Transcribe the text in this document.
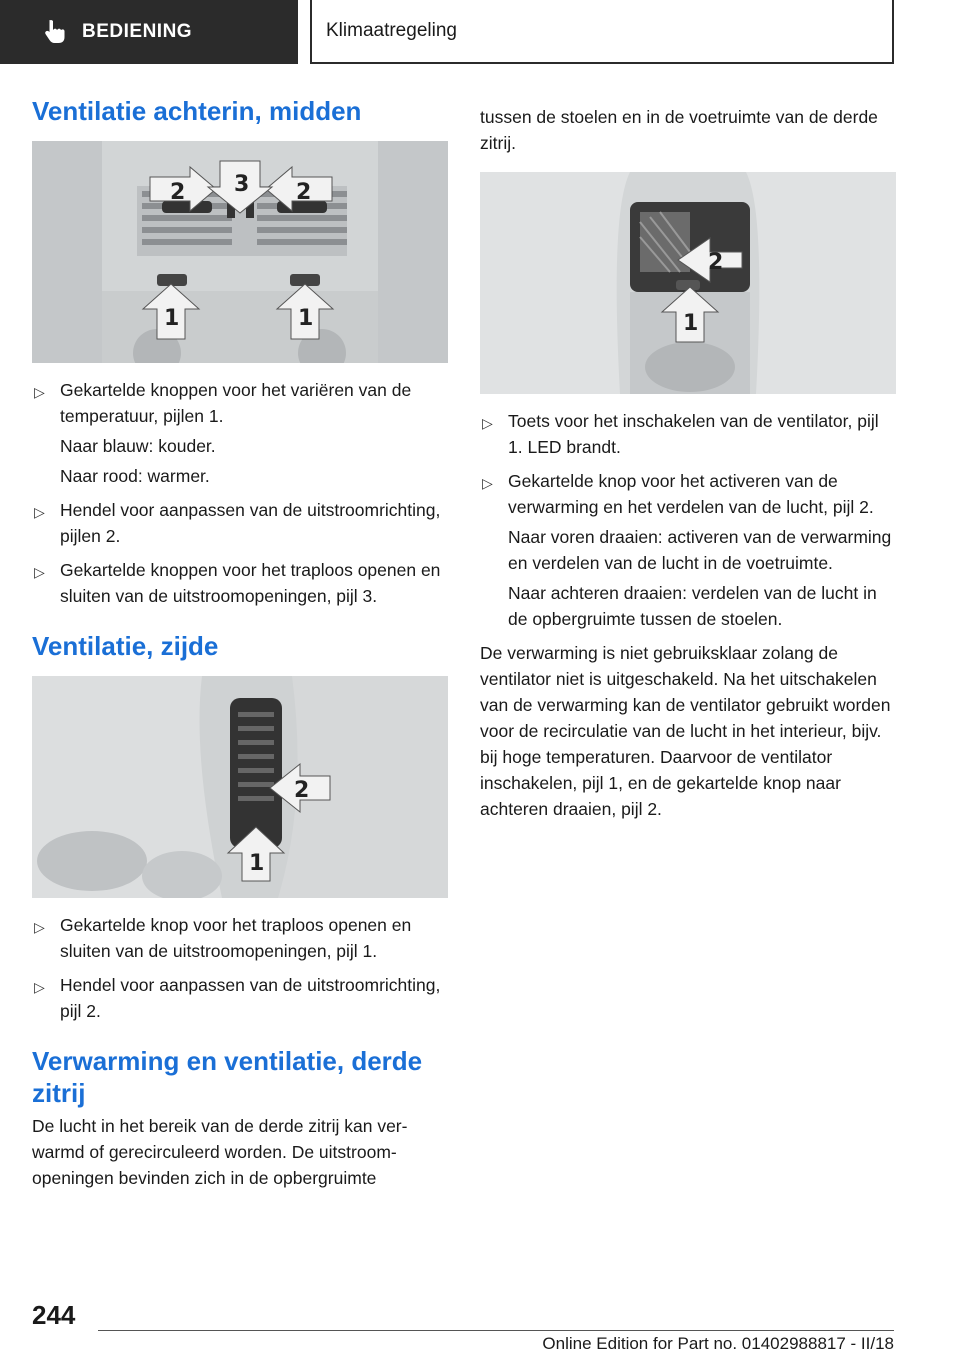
BEDIENING	Klimaatregeling
Ventilatie achterin, midden
2 3 2
1	1
▷ Gekartelde knoppen voor het variëren van de temperatuur, pijlen 1.

Naar blauw: kouder.

Naar rood: warmer.

▷ Hendel voor aanpassen van de uitstroomrichting, pijlen 2.
▷ Gekartelde knoppen voor het traploos openen en sluiten van de uitstroomopeningen, pijl 3.
Ventilatie, zijde
2
1
▷ Gekartelde knop voor het traploos openen en sluiten van de uitstroomopeningen, pijl 1.
▷ Hendel voor aanpassen van de uitstroomrichting, pijl 2.
Verwarming en ventilatie, derde zitrij

De lucht in het bereik van de derde zitrij kan verwarmd of gerecirculeerd worden. De uitstroomopeningen bevinden zich in de opbergruimte

tussen de stoelen en in de voetruimte van de derde zitrij.

2
1
▷ Toets voor het inschakelen van de ventilator, pijl 1. LED brandt.
▷ Gekartelde knop voor het activeren van de verwarming en het verdelen van de lucht, pijl 2.

Naar voren draaien: activeren van de verwarming en verdelen van de lucht in de voetruimte.

Naar achteren draaien: verdelen van de lucht in de opbergruimte tussen de stoelen.

De verwarming is niet gebruiksklaar zolang de ventilator niet is uitgeschakeld. Na het uitschakelen van de verwarming kan de ventilator gebruikt worden voor de recirculatie van de lucht in het interieur, bijv. bij hoge temperaturen. Daarvoor de ventilator inschakelen, pijl 1, en de gekartelde knop naar achteren draaien, pijl 2.

244
Online Edition for Part no. 01402988817 - II/18
